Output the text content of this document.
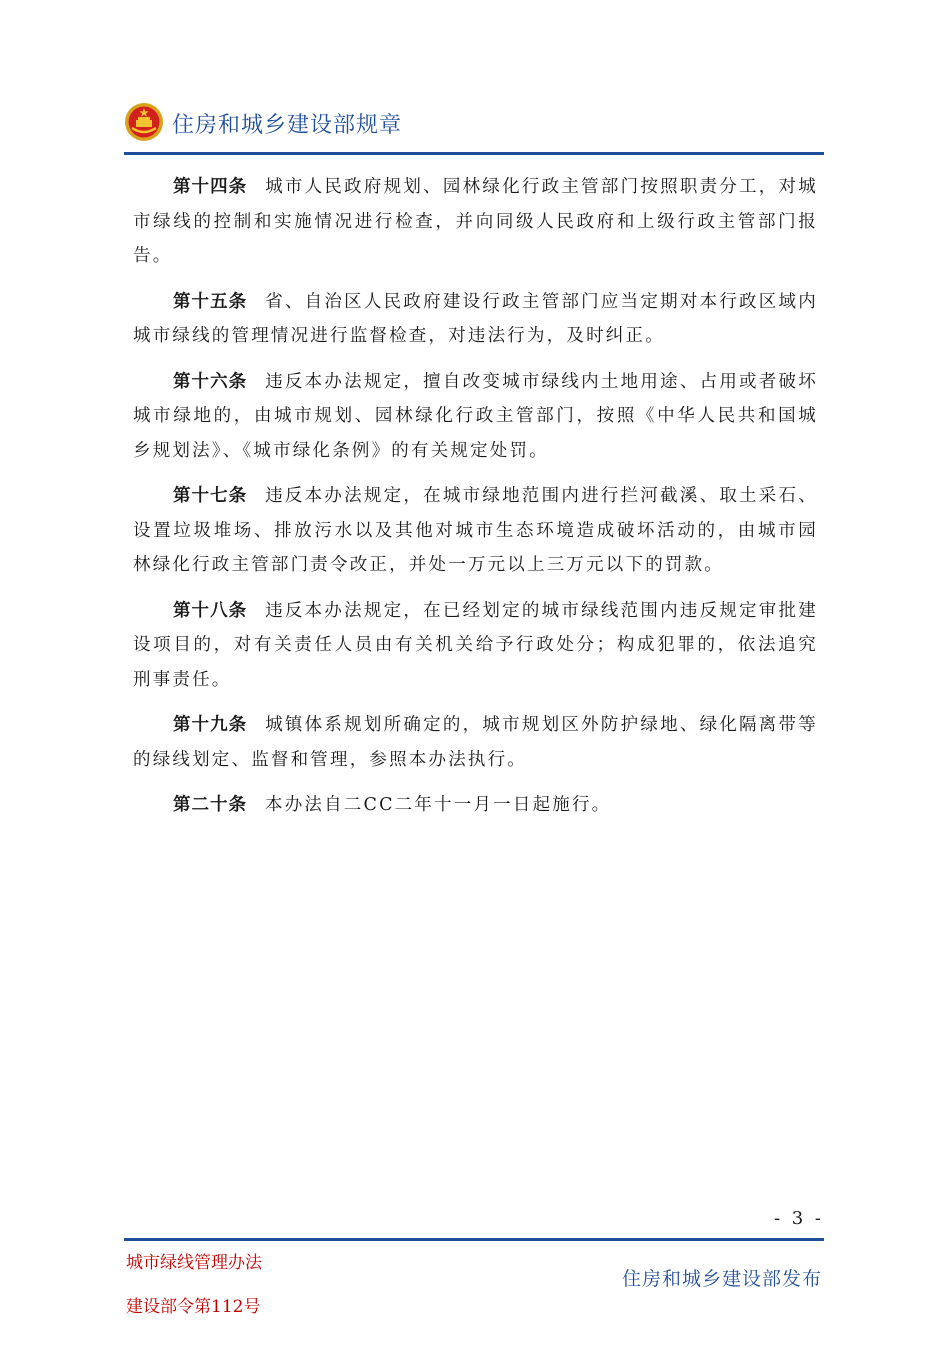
住房和城乡建设部规章

第十四条 城市人民政府规划、园林绿化行政主管部门按照职责分工，对城市绿线的控制和实施情况进行检查，并向同级人民政府和上级行政主管部门报告。

第十五条 省、自治区人民政府建设行政主管部门应当定期对本行政区域内城市绿线的管理情况进行监督检查，对违法行为，及时纠正。

第十六条 违反本办法规定，擅自改变城市绿线内土地用途、占用或者破坏城市绿地的，由城市规划、园林绿化行政主管部门，按照《中华人民共和国城乡规划法》、《城市绿化条例》的有关规定处罚。

第十七条 违反本办法规定，在城市绿地范围内进行拦河截溪、取土采石、设置垃圾堆场、排放污水以及其他对城市生态环境造成破坏活动的，由城市园林绿化行政主管部门责令改正，并处一万元以上三万元以下的罚款。

第十八条 违反本办法规定，在已经划定的城市绿线范围内违反规定审批建设项目的，对有关责任人员由有关机关给予行政处分；构成犯罪的，依法追究刑事责任。

第十九条 城镇体系规划所确定的，城市规划区外防护绿地、绿化隔离带等的绿线划定、监督和管理，参照本办法执行。

第二十条 本办法自二CC二年十一月一日起施行。

- 3 -
城市绿线管理办法
建设部令第112号
住房和城乡建设部发布
